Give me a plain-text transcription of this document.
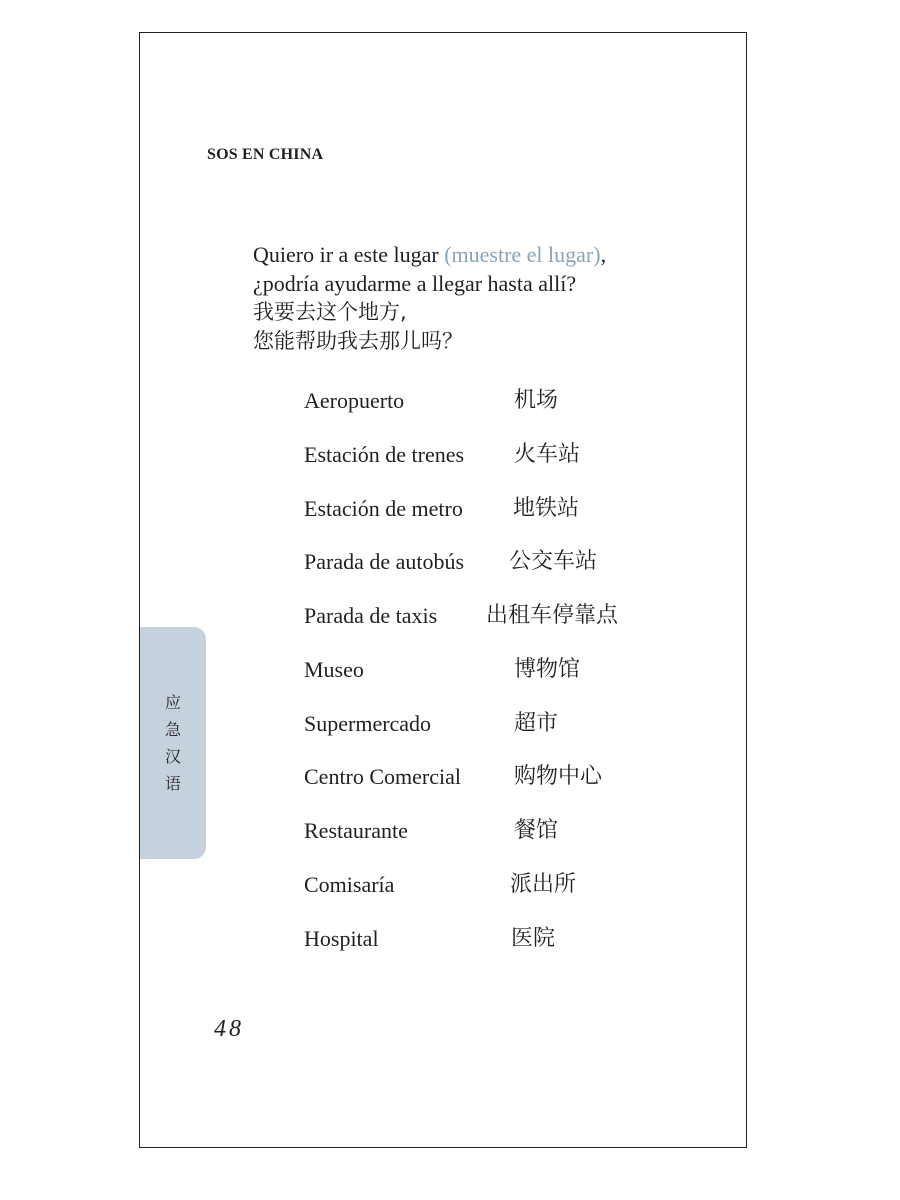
SOS EN CHINA
Quiero ir a este lugar (muestre el lugar),
¿podría ayudarme a llegar hasta allí?
我要去这个地方,
您能帮助我去那儿吗？
Aeropuerto	机场
Estación de trenes 火车站
Estación de metro 地铁站
Parada de autobús 公交车站
Parada de taxis 出租车停靠点
Museo	博物馆
Supermercado	超市
Centro Comercial 购物中心
Restaurante	餐馆
Comisaría	派出所
Hospital	医院
应
急
汉
语
48
